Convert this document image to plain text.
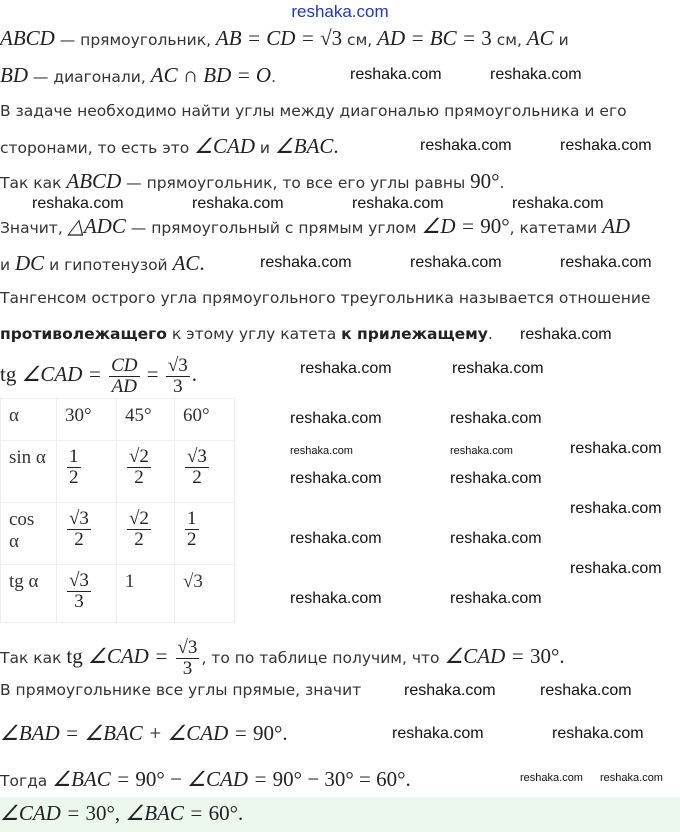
reshaka.com
ABCD — прямоугольник, AB = CD = √3 см, AD = BC = 3 см, AC и
BD — диагонали, AC ∩ BD = O.
В задаче необходимо найти углы между диагональю прямоугольника и его
сторонами, то есть это ∠CAD и ∠BAC.
Так как ABCD — прямоугольник, то все его углы равны 90°.
Значит, △ADC — прямоугольный с прямым углом ∠D = 90°, катетами AD
и DC и гипотенузой AC.
Тангенсом острого угла прямоугольного треугольника называется отношение
противолежащего к этому углу катета к прилежащему.
tg ∠CAD = $\frac{CD}{AD} = \frac{√3}{3}$ .
Так как tg ∠CAD = $\frac{√3}{3}$ , то по таблице получим, что ∠CAD = 30°.
В прямоугольнике все углы прямые, значит
∠BAD = ∠BAC + ∠CAD = 90°.
Тогда ∠BAC = 90° − ∠CAD = 90° − 30° = 60°.
∠CAD = 30°, ∠BAC = 60°.
α	30°	45°	60°
sin α	$\frac{1}{2}$	$\frac{√2}{2}$	$\frac{√3}{2}$

cos α	$\frac{√3}{2}$	$\frac{√2}{2}$	$\frac{1}{2}$

tg α	$\frac{√3}{3}$	1	√3
reshaka.com	reshaka.com
reshaka.com	reshaka.com
reshaka.com	reshaka.com	reshaka.com	reshaka.com
reshaka.com	reshaka.com	reshaka.com
reshaka.com
reshaka.com	reshaka.com
reshaka.com	reshaka.com
reshaka.com	reshaka.com
reshaka.com	reshaka.com
reshaka.com	reshaka.com
reshaka.com
reshaka.com
reshaka.com
reshaka.com	reshaka.com
reshaka.com	reshaka.com
reshaka.com	reshaka.com
reshaka.com reshaka.com
